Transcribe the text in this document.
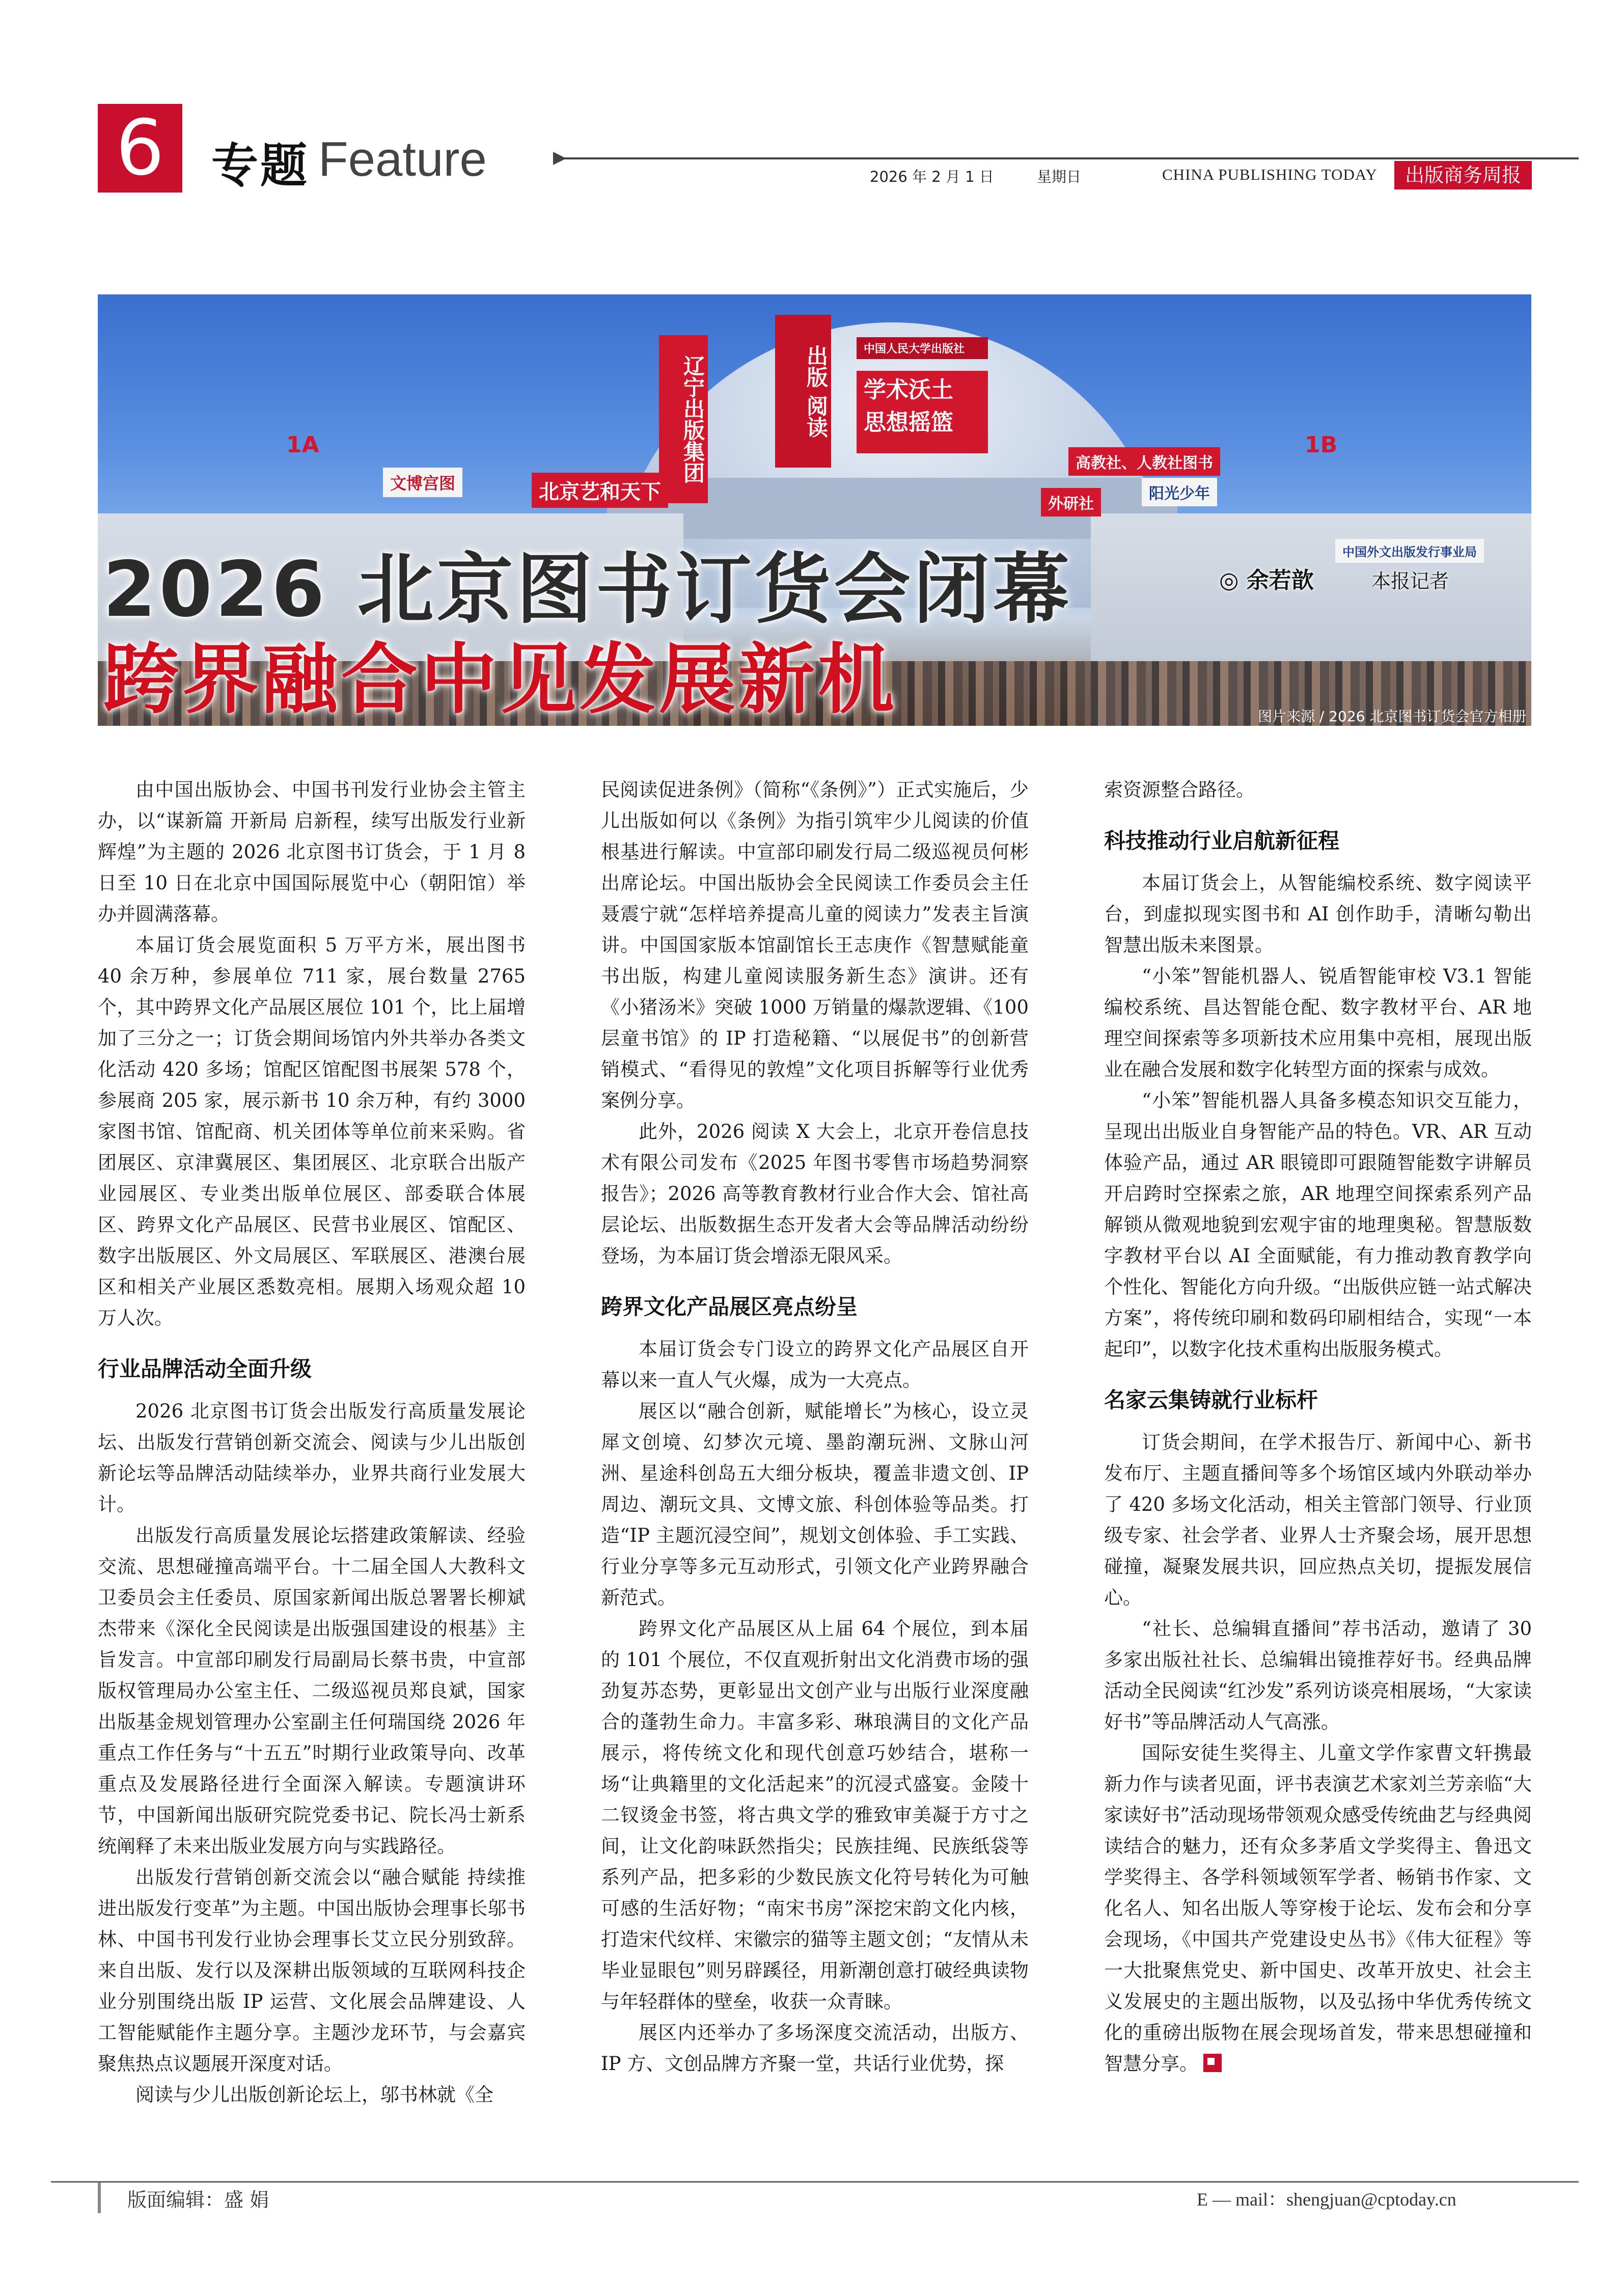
6	专题 Feature	2026 年 2 月 1 日	星期日	CHINA PUBLISHING TODAY	出版商务周报
辽宁出版集团	出版 阅读	学术沃土 思想摇篮
中国人民大学出版社
高教社、人教社图书
外研社
北京艺和天下
文博宫图
阳光少年
中国外文出版发行事业局
1A	1B
2026 北京图书订货会闭幕
跨界融合中见发展新机
◎ 余若歆	本报记者
图片来源 / 2026 北京图书订货会官方相册

由中国出版协会、中国书刊发行业协会主管主办，以“谋新篇 开新局 启新程，续写出版发行业新辉煌”为主题的 2026 北京图书订货会，于 1 月 8 日至 10 日在北京中国国际展览中心（朝阳馆）举办并圆满落幕。

本届订货会展览面积 5 万平方米，展出图书 40 余万种，参展单位 711 家，展台数量 2765 个，其中跨界文化产品展区展位 101 个，比上届增加了三分之一；订货会期间场馆内外共举办各类文化活动 420 多场；馆配区馆配图书展架 578 个，参展商 205 家，展示新书 10 余万种，有约 3000 家图书馆、馆配商、机关团体等单位前来采购。省团展区、京津冀展区、集团展区、北京联合出版产业园展区、专业类出版单位展区、部委联合体展区、跨界文化产品展区、民营书业展区、馆配区、数字出版展区、外文局展区、军联展区、港澳台展区和相关产业展区悉数亮相。展期入场观众超 10 万人次。

行业品牌活动全面升级

2026 北京图书订货会出版发行高质量发展论坛、出版发行营销创新交流会、阅读与少儿出版创新论坛等品牌活动陆续举办，业界共商行业发展大计。

出版发行高质量发展论坛搭建政策解读、经验交流、思想碰撞高端平台。十二届全国人大教科文卫委员会主任委员、原国家新闻出版总署署长柳斌杰带来《深化全民阅读是出版强国建设的根基》主旨发言。中宣部印刷发行局副局长蔡书贵，中宣部版权管理局办公室主任、二级巡视员郑良斌，国家出版基金规划管理办公室副主任何瑞国绕 2026 年重点工作任务与“十五五”时期行业政策导向、改革重点及发展路径进行全面深入解读。专题演讲环节，中国新闻出版研究院党委书记、院长冯士新系统阐释了未来出版业发展方向与实践路径。

出版发行营销创新交流会以“融合赋能 持续推进出版发行变革”为主题。中国出版协会理事长邬书林、中国书刊发行业协会理事长艾立民分别致辞。来自出版、发行以及深耕出版领域的互联网科技企业分别围绕出版 IP 运营、文化展会品牌建设、人工智能赋能作主题分享。主题沙龙环节，与会嘉宾聚焦热点议题展开深度对话。

阅读与少儿出版创新论坛上，邬书林就《全

民阅读促进条例》（简称“《条例》”）正式实施后，少儿出版如何以《条例》为指引筑牢少儿阅读的价值根基进行解读。中宣部印刷发行局二级巡视员何彬出席论坛。中国出版协会全民阅读工作委员会主任聂震宁就“怎样培养提高儿童的阅读力”发表主旨演讲。中国国家版本馆副馆长王志庚作《智慧赋能童书出版，构建儿童阅读服务新生态》演讲。还有《小猪汤米》突破 1000 万销量的爆款逻辑、《100 层童书馆》的 IP 打造秘籍、“以展促书”的创新营销模式、“看得见的敦煌”文化项目拆解等行业优秀案例分享。

此外，2026 阅读 X 大会上，北京开卷信息技术有限公司发布《2025 年图书零售市场趋势洞察报告》；2026 高等教育教材行业合作大会、馆社高层论坛、出版数据生态开发者大会等品牌活动纷纷登场，为本届订货会增添无限风采。

跨界文化产品展区亮点纷呈

本届订货会专门设立的跨界文化产品展区自开幕以来一直人气火爆，成为一大亮点。

展区以“融合创新，赋能增长”为核心，设立灵犀文创境、幻梦次元境、墨韵潮玩洲、文脉山河洲、星途科创岛五大细分板块，覆盖非遗文创、IP 周边、潮玩文具、文博文旅、科创体验等品类。打造“IP 主题沉浸空间”，规划文创体验、手工实践、行业分享等多元互动形式，引领文化产业跨界融合新范式。

跨界文化产品展区从上届 64 个展位，到本届的 101 个展位，不仅直观折射出文化消费市场的强劲复苏态势，更彰显出文创产业与出版行业深度融合的蓬勃生命力。丰富多彩、琳琅满目的文化产品展示，将传统文化和现代创意巧妙结合，堪称一场“让典籍里的文化活起来”的沉浸式盛宴。金陵十二钗烫金书签，将古典文学的雅致审美凝于方寸之间，让文化韵味跃然指尖；民族挂绳、民族纸袋等系列产品，把多彩的少数民族文化符号转化为可触可感的生活好物；“南宋书房”深挖宋韵文化内核，打造宋代纹样、宋徽宗的猫等主题文创；“友情从未毕业显眼包”则另辟蹊径，用新潮创意打破经典读物与年轻群体的壁垒，收获一众青睐。

展区内还举办了多场深度交流活动，出版方、IP 方、文创品牌方齐聚一堂，共话行业优势，探

索资源整合路径。

科技推动行业启航新征程

本届订货会上，从智能编校系统、数字阅读平台，到虚拟现实图书和 AI 创作助手，清晰勾勒出智慧出版未来图景。

“小笨”智能机器人、锐盾智能审校 V3.1 智能编校系统、昌达智能仓配、数字教材平台、AR 地理空间探索等多项新技术应用集中亮相，展现出版业在融合发展和数字化转型方面的探索与成效。

“小笨”智能机器人具备多模态知识交互能力，呈现出出版业自身智能产品的特色。VR、AR 互动体验产品，通过 AR 眼镜即可跟随智能数字讲解员开启跨时空探索之旅，AR 地理空间探索系列产品解锁从微观地貌到宏观宇宙的地理奥秘。智慧版数字教材平台以 AI 全面赋能，有力推动教育教学向个性化、智能化方向升级。“出版供应链一站式解决方案”，将传统印刷和数码印刷相结合，实现“一本起印”，以数字化技术重构出版服务模式。

名家云集铸就行业标杆

订货会期间，在学术报告厅、新闻中心、新书发布厅、主题直播间等多个场馆区域内外联动举办了 420 多场文化活动，相关主管部门领导、行业顶级专家、社会学者、业界人士齐聚会场，展开思想碰撞，凝聚发展共识，回应热点关切，提振发展信心。

“社长、总编辑直播间”荐书活动，邀请了 30 多家出版社社长、总编辑出镜推荐好书。经典品牌活动全民阅读“红沙发”系列访谈亮相展场，“大家读好书”等品牌活动人气高涨。

国际安徒生奖得主、儿童文学作家曹文轩携最新力作与读者见面，评书表演艺术家刘兰芳亲临“大家读好书”活动现场带领观众感受传统曲艺与经典阅读结合的魅力，还有众多茅盾文学奖得主、鲁迅文学奖得主、各学科领域领军学者、畅销书作家、文化名人、知名出版人等穿梭于论坛、发布会和分享会现场，《中国共产党建设史丛书》《伟大征程》等一大批聚焦党史、新中国史、改革开放史、社会主义发展史的主题出版物，以及弘扬中华优秀传统文化的重磅出版物在展会现场首发，带来思想碰撞和智慧分享。

版面编辑：盛 娟	E — mail：shengjuan@cptoday.cn
